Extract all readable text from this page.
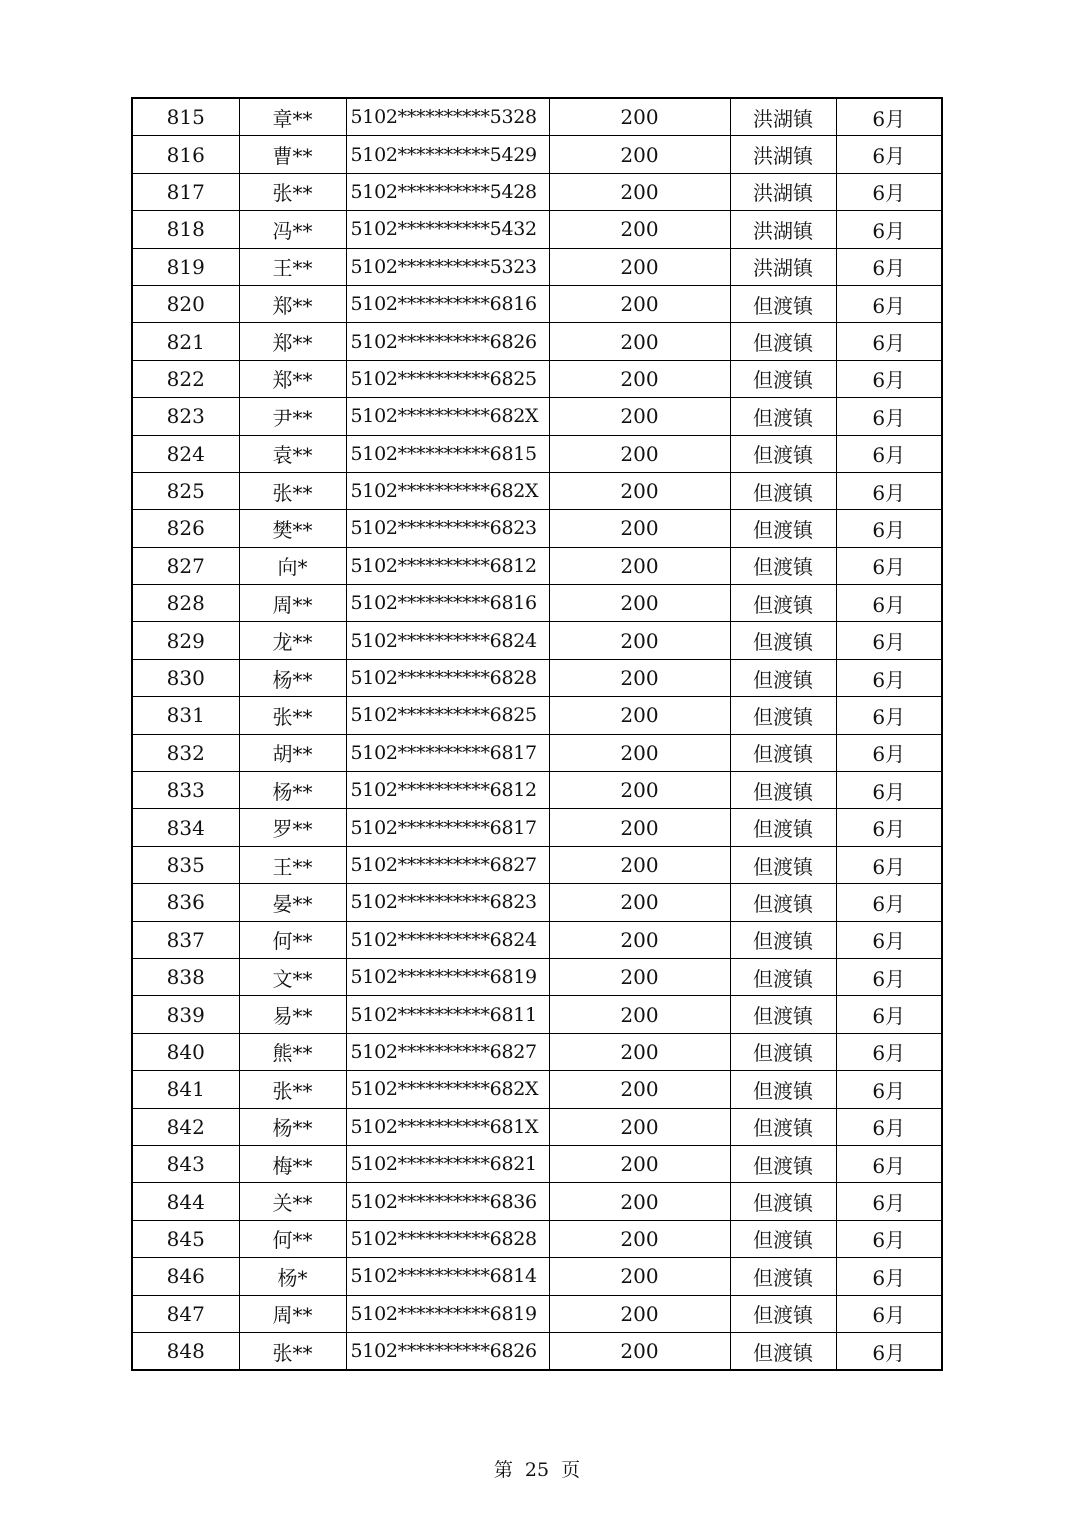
815	章**	5102**********5328	200	洪湖镇	6月
816	曹**	5102**********5429	200	洪湖镇	6月
817	张**	5102**********5428	200	洪湖镇	6月
818	冯**	5102**********5432	200	洪湖镇	6月
819	王**	5102**********5323	200	洪湖镇	6月
820	郑**	5102**********6816	200	但渡镇	6月
821	郑**	5102**********6826	200	但渡镇	6月
822	郑**	5102**********6825	200	但渡镇	6月
823	尹**	5102**********682X	200	但渡镇	6月
824	袁**	5102**********6815	200	但渡镇	6月
825	张**	5102**********682X	200	但渡镇	6月
826	樊**	5102**********6823	200	但渡镇	6月
827	向*	5102**********6812	200	但渡镇	6月
828	周**	5102**********6816	200	但渡镇	6月
829	龙**	5102**********6824	200	但渡镇	6月
830	杨**	5102**********6828	200	但渡镇	6月
831	张**	5102**********6825	200	但渡镇	6月
832	胡**	5102**********6817	200	但渡镇	6月
833	杨**	5102**********6812	200	但渡镇	6月
834	罗**	5102**********6817	200	但渡镇	6月
835	王**	5102**********6827	200	但渡镇	6月
836	晏**	5102**********6823	200	但渡镇	6月
837	何**	5102**********6824	200	但渡镇	6月
838	文**	5102**********6819	200	但渡镇	6月
839	易**	5102**********6811	200	但渡镇	6月
840	熊**	5102**********6827	200	但渡镇	6月
841	张**	5102**********682X	200	但渡镇	6月
842	杨**	5102**********681X	200	但渡镇	6月
843	梅**	5102**********6821	200	但渡镇	6月
844	关**	5102**********6836	200	但渡镇	6月
845	何**	5102**********6828	200	但渡镇	6月
846	杨*	5102**********6814	200	但渡镇	6月
847	周**	5102**********6819	200	但渡镇	6月
848	张**	5102**********6826	200	但渡镇	6月
第 25 页
